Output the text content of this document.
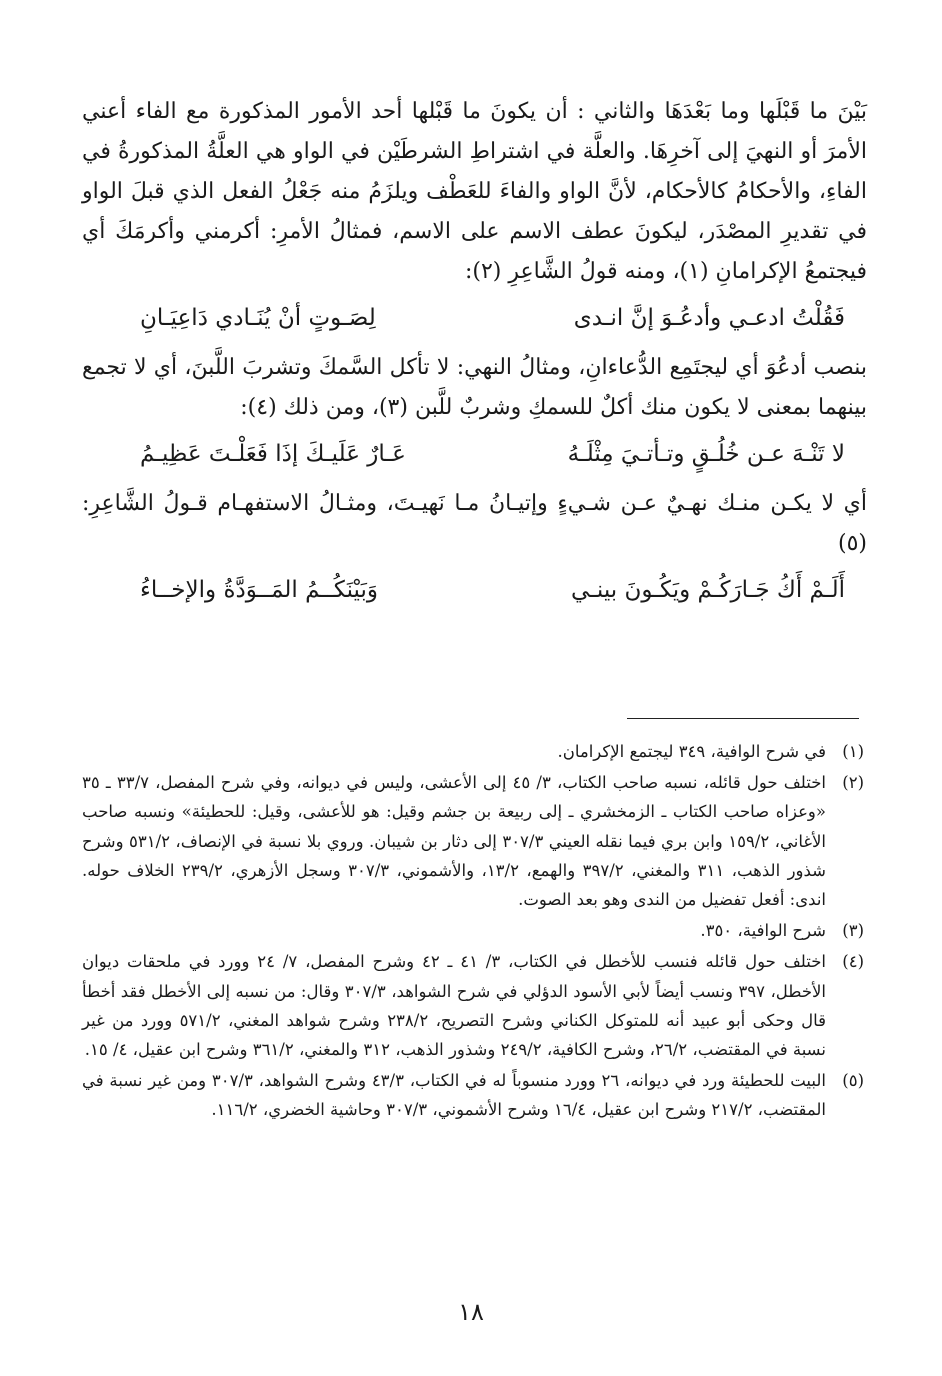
بَيْنَ ما قَبْلَها وما بَعْدَهَا والثاني : أن يكونَ ما قَبْلها أحد الأمور المذكورة مع الفاء أعني الأمرَ أو النهيَ إلى آخرِهَا. والعلَّة في اشتراطِ الشرطَيْن في الواو هي العلَّةُ المذكورةُ في الفاءِ، والأحكامُ كالأحكام، لأنَّ الواو والفاءَ للعَطْف ويلزَمُ منه جَعْلُ الفعل الذي قبلَ الواو في تقديرِ المصْدَر، ليكونَ عطف الاسم على الاسم، فمثالُ الأمرِ: أكرمني وأكرمَكَ أي فيجتمعُ الإكرامانِ (١)، ومنه قولُ الشَّاعِرِ (٢):

فَقُلْتُ ادعـي وأدعُـوَ إنَّ انـدى
لِصَـوتٍ أنْ يُنَـادي دَاعِيَـانِ

بنصب أدعُوَ أي ليجتَمِع الدُّعاءانِ، ومثالُ النهي: لا تأكل السَّمكَ وتشربَ اللَّبنَ، أي لا تجمع بينهما بمعنى لا يكون منك أكلٌ للسمكِ وشربٌ للَّبن (٣)، ومن ذلك (٤):

لا تَنْـهَ عـن خُلُـقٍ وتـأتـيَ مِثْلَـهُ
عَـارٌ عَلَيـكَ إذَا فَعَلْـتَ عَظِيـمُ

أي لا يكـن منـك نهـيٌ عـن شـيءٍ وإتيـانُ مـا نَهيـتَ، ومثـالُ الاستفهـام قـولُ الشَّاعِرِ: (٥)

أَلَـمْ أَكُ جَـارَكُـمْ ويَكُـونَ بينـي
وَبَيْنَكُــمُ المَــوَدَّةُ والإخــاءُ
(١)
في شرح الوافية، ٣٤٩ ليجتمع الإكرامان.
(٢)
اختلف حول قائله، نسبه صاحب الكتاب، ٣/ ٤٥ إلى الأعشى، وليس في ديوانه، وفي شرح المفصل، ٣٣/٧ ـ ٣٥ «وعزاه صاحب الكتاب ـ الزمخشري ـ إلى ربيعة بن جشم وقيل: هو للأعشى، وقيل: للحطيئة» ونسبه صاحب الأغاني، ١٥٩/٢ وابن بري فيما نقله العيني ٣٠٧/٣ إلى دثار بن شيبان. وروي بلا نسبة في الإنصاف، ٥٣١/٢ وشرح شذور الذهب، ٣١١ والمغني، ٣٩٧/٢ والهمع، ١٣/٢، والأشموني، ٣٠٧/٣ وسجل الأزهري، ٢٣٩/٢ الخلاف حوله. اندى: أفعل تفضيل من الندى وهو بعد الصوت.
(٣)
شرح الوافية، ٣٥٠.
(٤)
اختلف حول قائله فنسب للأخطل في الكتاب، ٣/ ٤١ ـ ٤٢ وشرح المفصل، ٧/ ٢٤ وورد في ملحقات ديوان الأخطل، ٣٩٧ ونسب أيضاً لأبي الأسود الدؤلي في شرح الشواهد، ٣٠٧/٣ وقال: من نسبه إلى الأخطل فقد أخطأ قال وحكى أبو عبيد أنه للمتوكل الكناني وشرح التصريح، ٢٣٨/٢ وشرح شواهد المغني، ٥٧١/٢ وورد من غير نسبة في المقتضب، ٢٦/٢، وشرح الكافية، ٢٤٩/٢ وشذور الذهب، ٣١٢ والمغني، ٣٦١/٢ وشرح ابن عقيل، ٤/ ١٥.
(٥)
البيت للحطيئة ورد في ديوانه، ٢٦ وورد منسوباً له في الكتاب، ٤٣/٣ وشرح الشواهد، ٣٠٧/٣ ومن غير نسبة في المقتضب، ٢١٧/٢ وشرح ابن عقيل، ١٦/٤ وشرح الأشموني، ٣٠٧/٣ وحاشية الخضري، ١١٦/٢.
١٨
